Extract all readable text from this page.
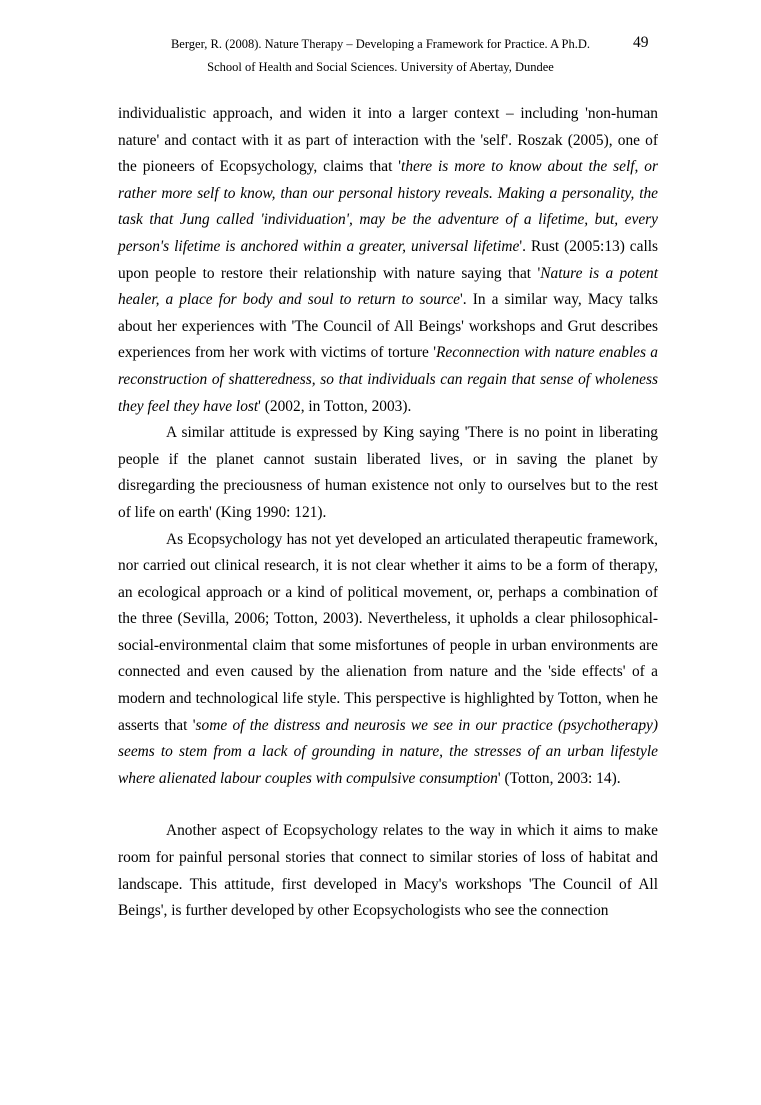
Berger, R. (2008). Nature Therapy – Developing a Framework for Practice. A Ph.D.	49
School of Health and Social Sciences. University of Abertay, Dundee

individualistic approach, and widen it into a larger context – including 'non-human nature' and contact with it as part of interaction with the 'self'. Roszak (2005), one of the pioneers of Ecopsychology, claims that 'there is more to know about the self, or rather more self to know, than our personal history reveals. Making a personality, the task that Jung called 'individuation', may be the adventure of a lifetime, but, every person's lifetime is anchored within a greater, universal lifetime'. Rust (2005:13) calls upon people to restore their relationship with nature saying that 'Nature is a potent healer, a place for body and soul to return to source'. In a similar way, Macy talks about her experiences with 'The Council of All Beings' workshops and Grut describes experiences from her work with victims of torture 'Reconnection with nature enables a reconstruction of shatteredness, so that individuals can regain that sense of wholeness they feel they have lost' (2002, in Totton, 2003).

A similar attitude is expressed by King saying 'There is no point in liberating people if the planet cannot sustain liberated lives, or in saving the planet by disregarding the preciousness of human existence not only to ourselves but to the rest of life on earth' (King 1990: 121).

As Ecopsychology has not yet developed an articulated therapeutic framework, nor carried out clinical research, it is not clear whether it aims to be a form of therapy, an ecological approach or a kind of political movement, or, perhaps a combination of the three (Sevilla, 2006; Totton, 2003). Nevertheless, it upholds a clear philosophical-social-environmental claim that some misfortunes of people in urban environments are connected and even caused by the alienation from nature and the 'side effects' of a modern and technological life style. This perspective is highlighted by Totton, when he asserts that 'some of the distress and neurosis we see in our practice (psychotherapy) seems to stem from a lack of grounding in nature, the stresses of an urban lifestyle where alienated labour couples with compulsive consumption' (Totton, 2003: 14).

Another aspect of Ecopsychology relates to the way in which it aims to make room for painful personal stories that connect to similar stories of loss of habitat and landscape. This attitude, first developed in Macy's workshops 'The Council of All Beings', is further developed by other Ecopsychologists who see the connection
